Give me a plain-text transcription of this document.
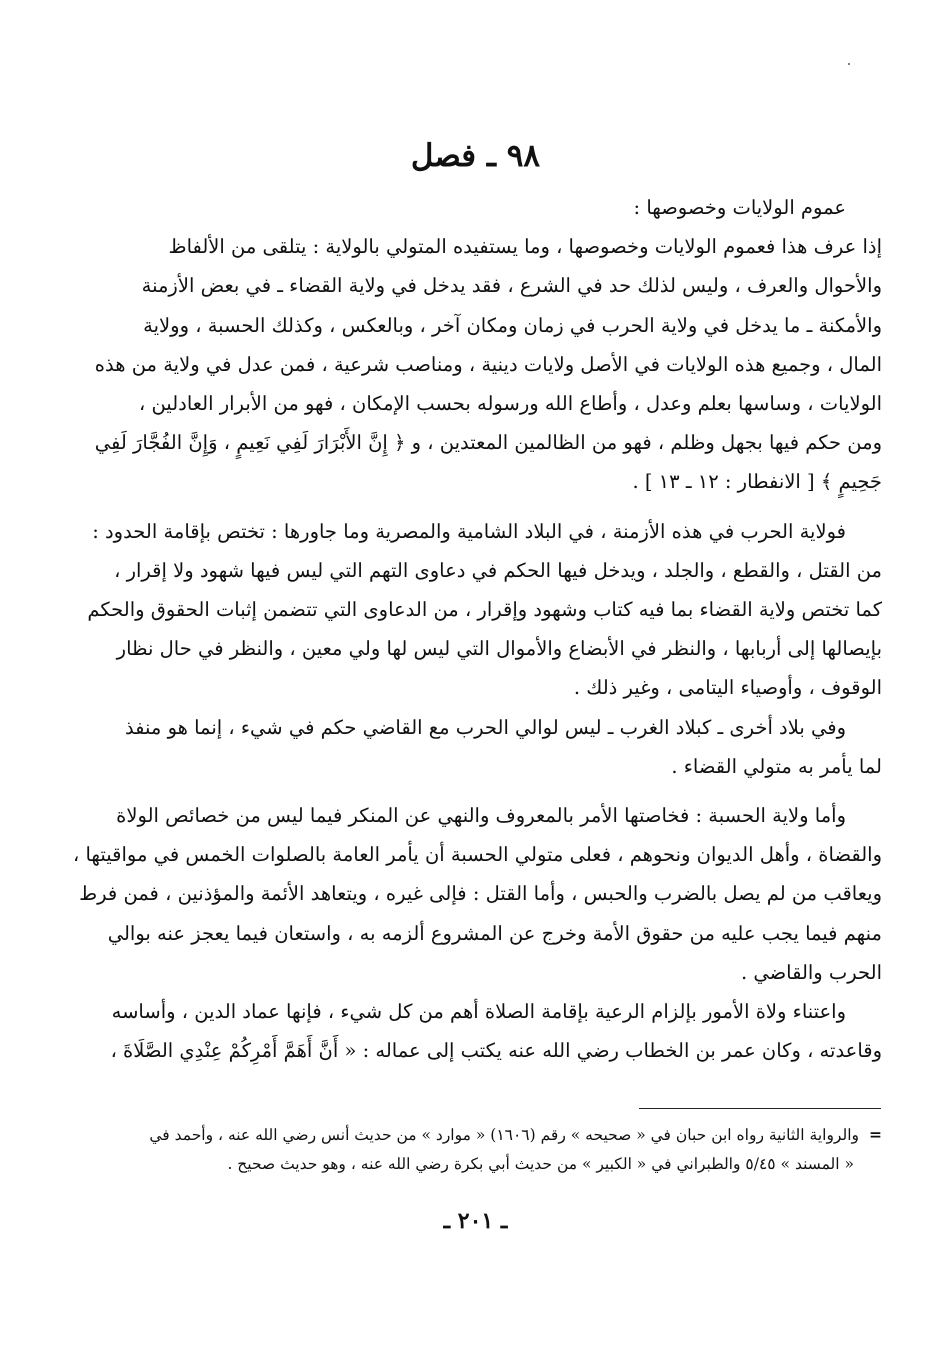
٩٨ ـ فصل

عموم الولايات وخصوصها :

إذا عرف هذا فعموم الولايات وخصوصها ، وما يستفيده المتولي بالولاية : يتلقى من الألفاظ
والأحوال والعرف ، وليس لذلك حد في الشرع ، فقد يدخل في ولاية القضاء ـ في بعض الأزمنة
والأمكنة ـ ما يدخل في ولاية الحرب في زمان ومكان آخر ، وبالعكس ، وكذلك الحسبة ، وولاية
المال ، وجميع هذه الولايات في الأصل ولايات دينية ، ومناصب شرعية ، فمن عدل في ولاية من هذه
الولايات ، وساسها بعلم وعدل ، وأطاع الله ورسوله بحسب الإمكان ، فهو من الأبرار العادلين ،
ومن حكم فيها بجهل وظلم ، فهو من الظالمين المعتدين ، و ﴿ إِنَّ الأَبْرَارَ لَفِي نَعِيمٍ ، وَإِنَّ الفُجَّارَ لَفِي
جَحِيمٍ ﴾ [ الانفطار : ١٢ ـ ١٣ ] .

فولاية الحرب في هذه الأزمنة ، في البلاد الشامية والمصرية وما جاورها : تختص بإقامة الحدود :
من القتل ، والقطع ، والجلد ، ويدخل فيها الحكم في دعاوى التهم التي ليس فيها شهود ولا إقرار ،
كما تختص ولاية القضاء بما فيه كتاب وشهود وإقرار ، من الدعاوى التي تتضمن إثبات الحقوق والحكم
بإيصالها إلى أربابها ، والنظر في الأبضاع والأموال التي ليس لها ولي معين ، والنظر في حال نظار
الوقوف ، وأوصياء اليتامى ، وغير ذلك .

وفي بلاد أخرى ـ كبلاد الغرب ـ ليس لوالي الحرب مع القاضي حكم في شيء ، إنما هو منفذ
لما يأمر به متولي القضاء .

وأما ولاية الحسبة : فخاصتها الأمر بالمعروف والنهي عن المنكر فيما ليس من خصائص الولاة
والقضاة ، وأهل الديوان ونحوهم ، فعلى متولي الحسبة أن يأمر العامة بالصلوات الخمس في مواقيتها ،
ويعاقب من لم يصل بالضرب والحبس ، وأما القتل : فإلى غيره ، ويتعاهد الأئمة والمؤذنين ، فمن فرط
منهم فيما يجب عليه من حقوق الأمة وخرج عن المشروع ألزمه به ، واستعان فيما يعجز عنه بوالي
الحرب والقاضي .

واعتناء ولاة الأمور بإلزام الرعية بإقامة الصلاة أهم من كل شيء ، فإنها عماد الدين ، وأساسه
وقاعدته ، وكان عمر بن الخطاب رضي الله عنه يكتب إلى عماله : « أَنَّ أَهَمَّ أَمْرِكُمْ عِنْدِي الصَّلَاةَ ،

=والرواية الثانية رواه ابن حبان في « صحيحه » رقم (١٦٠٦) « موارد » من حديث أنس رضي الله عنه ، وأحمد في
« المسند » ٥/٤٥ والطبراني في « الكبير » من حديث أبي بكرة رضي الله عنه ، وهو حديث صحيح .
ـ ٢٠١ ـ
